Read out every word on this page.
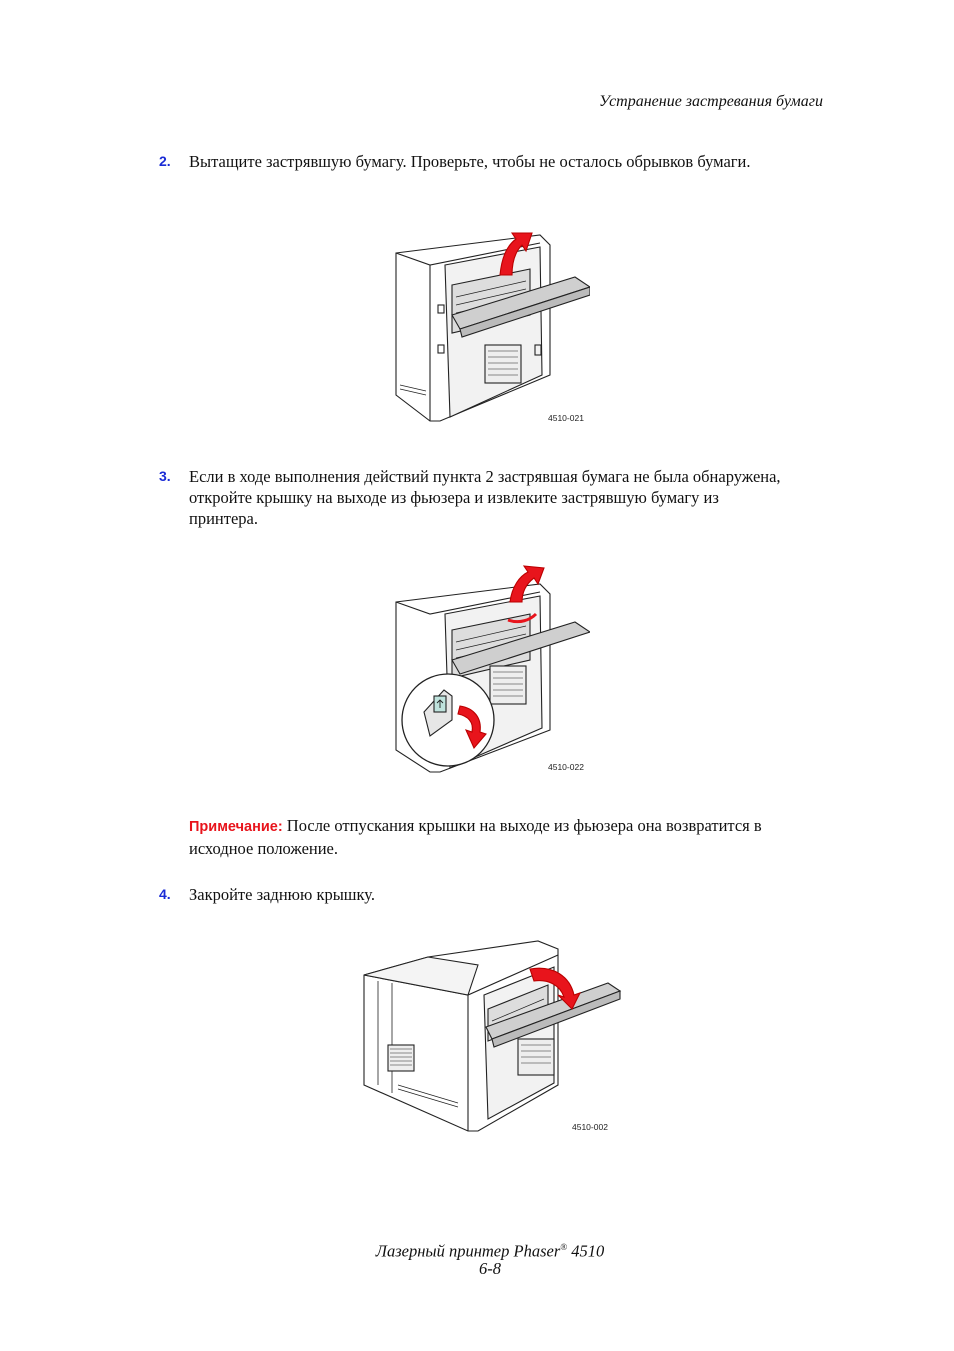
Устранение застревания бумаги
2. Вытащите застрявшую бумагу. Проверьте, чтобы не осталось обрывков бумаги.
4510-021
3. Если в ходе выполнения действий пункта 2 застрявшая бумага не была обнаружена, откройте крышку на выходе из фьюзера и извлеките застрявшую бумагу из принтера.
4510-022
Примечание: После отпускания крышки на выходе из фьюзера она возвратится в исходное положение.
4. Закройте заднюю крышку.
4510-002
Лазерный принтер Phaser® 4510
6-8
